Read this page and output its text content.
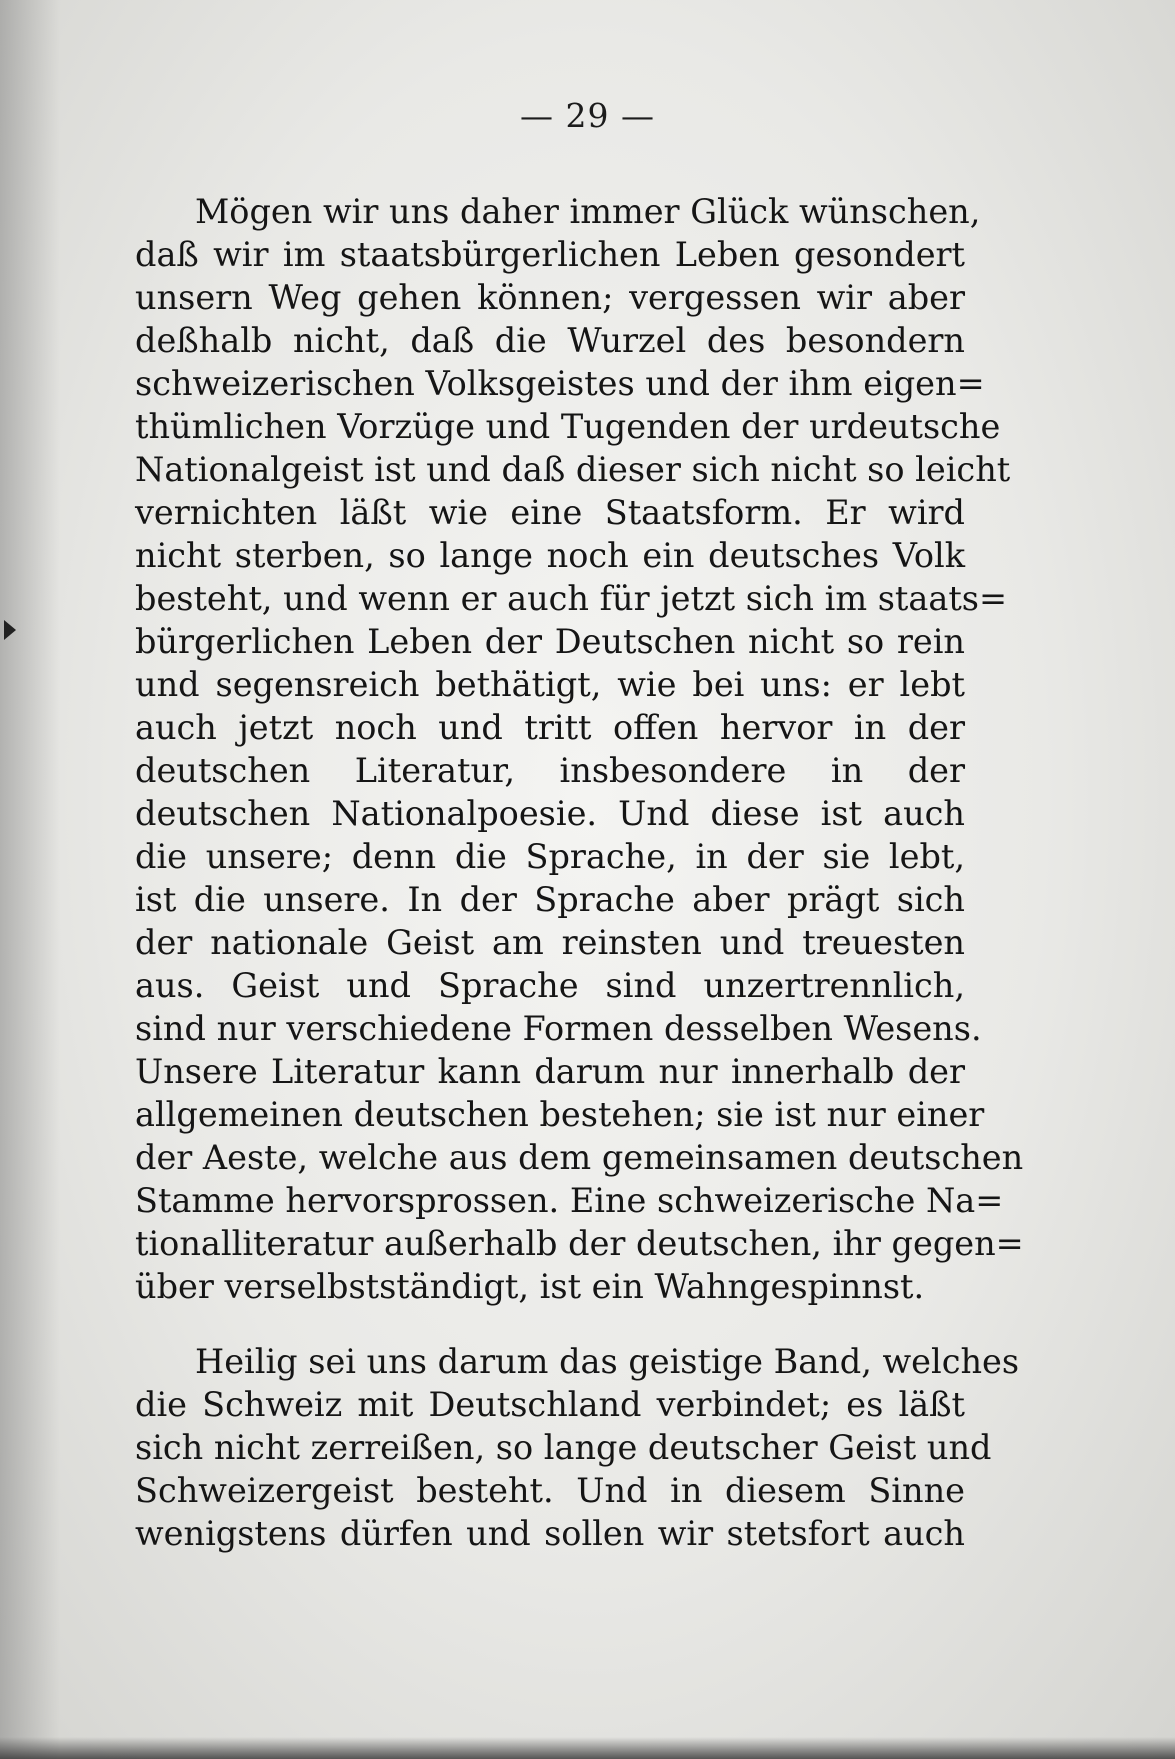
— 29 —
Mögen wir uns daher immer Glück wünschen,
daß wir im staatsbürgerlichen Leben gesondert
unsern Weg gehen können; vergessen wir aber
deßhalb nicht, daß die Wurzel des besondern
schweizerischen Volksgeistes und der ihm eigen=
thümlichen Vorzüge und Tugenden der urdeutsche
Nationalgeist ist und daß dieser sich nicht so leicht
vernichten läßt wie eine Staatsform. Er wird
nicht sterben, so lange noch ein deutsches Volk
besteht, und wenn er auch für jetzt sich im staats=
bürgerlichen Leben der Deutschen nicht so rein
und segensreich bethätigt, wie bei uns: er lebt
auch jetzt noch und tritt offen hervor in der
deutschen Literatur, insbesondere in der
deutschen Nationalpoesie. Und diese ist auch
die unsere; denn die Sprache, in der sie lebt,
ist die unsere. In der Sprache aber prägt sich
der nationale Geist am reinsten und treuesten
aus. Geist und Sprache sind unzertrennlich,
sind nur verschiedene Formen desselben Wesens.
Unsere Literatur kann darum nur innerhalb der
allgemeinen deutschen bestehen; sie ist nur einer
der Aeste, welche aus dem gemeinsamen deutschen
Stamme hervorsprossen. Eine schweizerische Na=
tionalliteratur außerhalb der deutschen, ihr gegen=
über verselbstständigt, ist ein Wahngespinnst.
Heilig sei uns darum das geistige Band, welches
die Schweiz mit Deutschland verbindet; es läßt
sich nicht zerreißen, so lange deutscher Geist und
Schweizergeist besteht. Und in diesem Sinne
wenigstens dürfen und sollen wir stetsfort auch
